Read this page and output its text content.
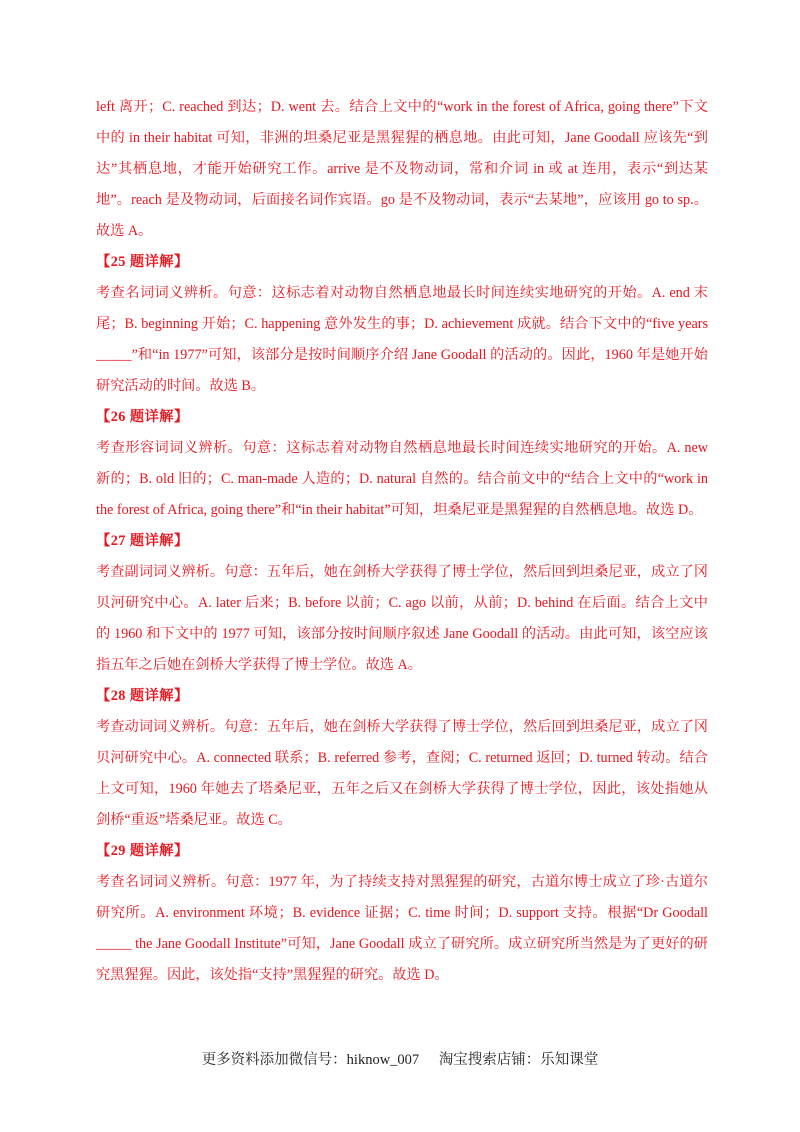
left 离开；C. reached 到达；D. went 去。结合上文中的“work in the forest of Africa, going there”下文中的 in their habitat 可知，非洲的坦桑尼亚是黑猩猩的栖息地。由此可知，Jane Goodall 应该先“到达”其栖息地，才能开始研究工作。arrive 是不及物动词，常和介词 in 或 at 连用，表示“到达某地”。reach 是及物动词，后面接名词作宾语。go 是不及物动词，表示“去某地”，应该用 go to sp.。故选 A。

【25 题详解】

考查名词词义辨析。句意：这标志着对动物自然栖息地最长时间连续实地研究的开始。A. end 末尾；B. beginning 开始；C. happening 意外发生的事；D. achievement 成就。结合下文中的“five years _____”和“in 1977”可知，该部分是按时间顺序介绍 Jane Goodall 的活动的。因此，1960 年是她开始研究活动的时间。故选 B。

【26 题详解】

考查形容词词义辨析。句意：这标志着对动物自然栖息地最长时间连续实地研究的开始。A. new 新的；B. old 旧的；C. man-made 人造的；D. natural 自然的。结合前文中的“结合上文中的“work in the forest of Africa, going there”和“in their habitat”可知，坦桑尼亚是黑猩猩的自然栖息地。故选 D。

【27 题详解】

考查副词词义辨析。句意：五年后，她在剑桥大学获得了博士学位，然后回到坦桑尼亚，成立了冈贝河研究中心。A. later 后来；B. before 以前；C. ago 以前，从前；D. behind 在后面。结合上文中的 1960 和下文中的 1977 可知，该部分按时间顺序叙述 Jane Goodall 的活动。由此可知，该空应该指五年之后她在剑桥大学获得了博士学位。故选 A。

【28 题详解】

考查动词词义辨析。句意：五年后，她在剑桥大学获得了博士学位，然后回到坦桑尼亚，成立了冈贝河研究中心。A. connected 联系；B. referred 参考，查阅；C. returned 返回；D. turned 转动。结合上文可知，1960 年她去了塔桑尼亚，五年之后又在剑桥大学获得了博士学位，因此，该处指她从剑桥“重返”塔桑尼亚。故选 C。

【29 题详解】

考查名词词义辨析。句意：1977 年，为了持续支持对黑猩猩的研究，古道尔博士成立了珍·古道尔研究所。A. environment 环境；B. evidence 证据；C. time 时间；D. support 支持。根据“Dr Goodall _____ the Jane Goodall Institute”可知，Jane Goodall 成立了研究所。成立研究所当然是为了更好的研究黑猩猩。因此，该处指“支持”黑猩猩的研究。故选 D。

更多资料添加微信号：hiknow_007 淘宝搜索店铺：乐知课堂
